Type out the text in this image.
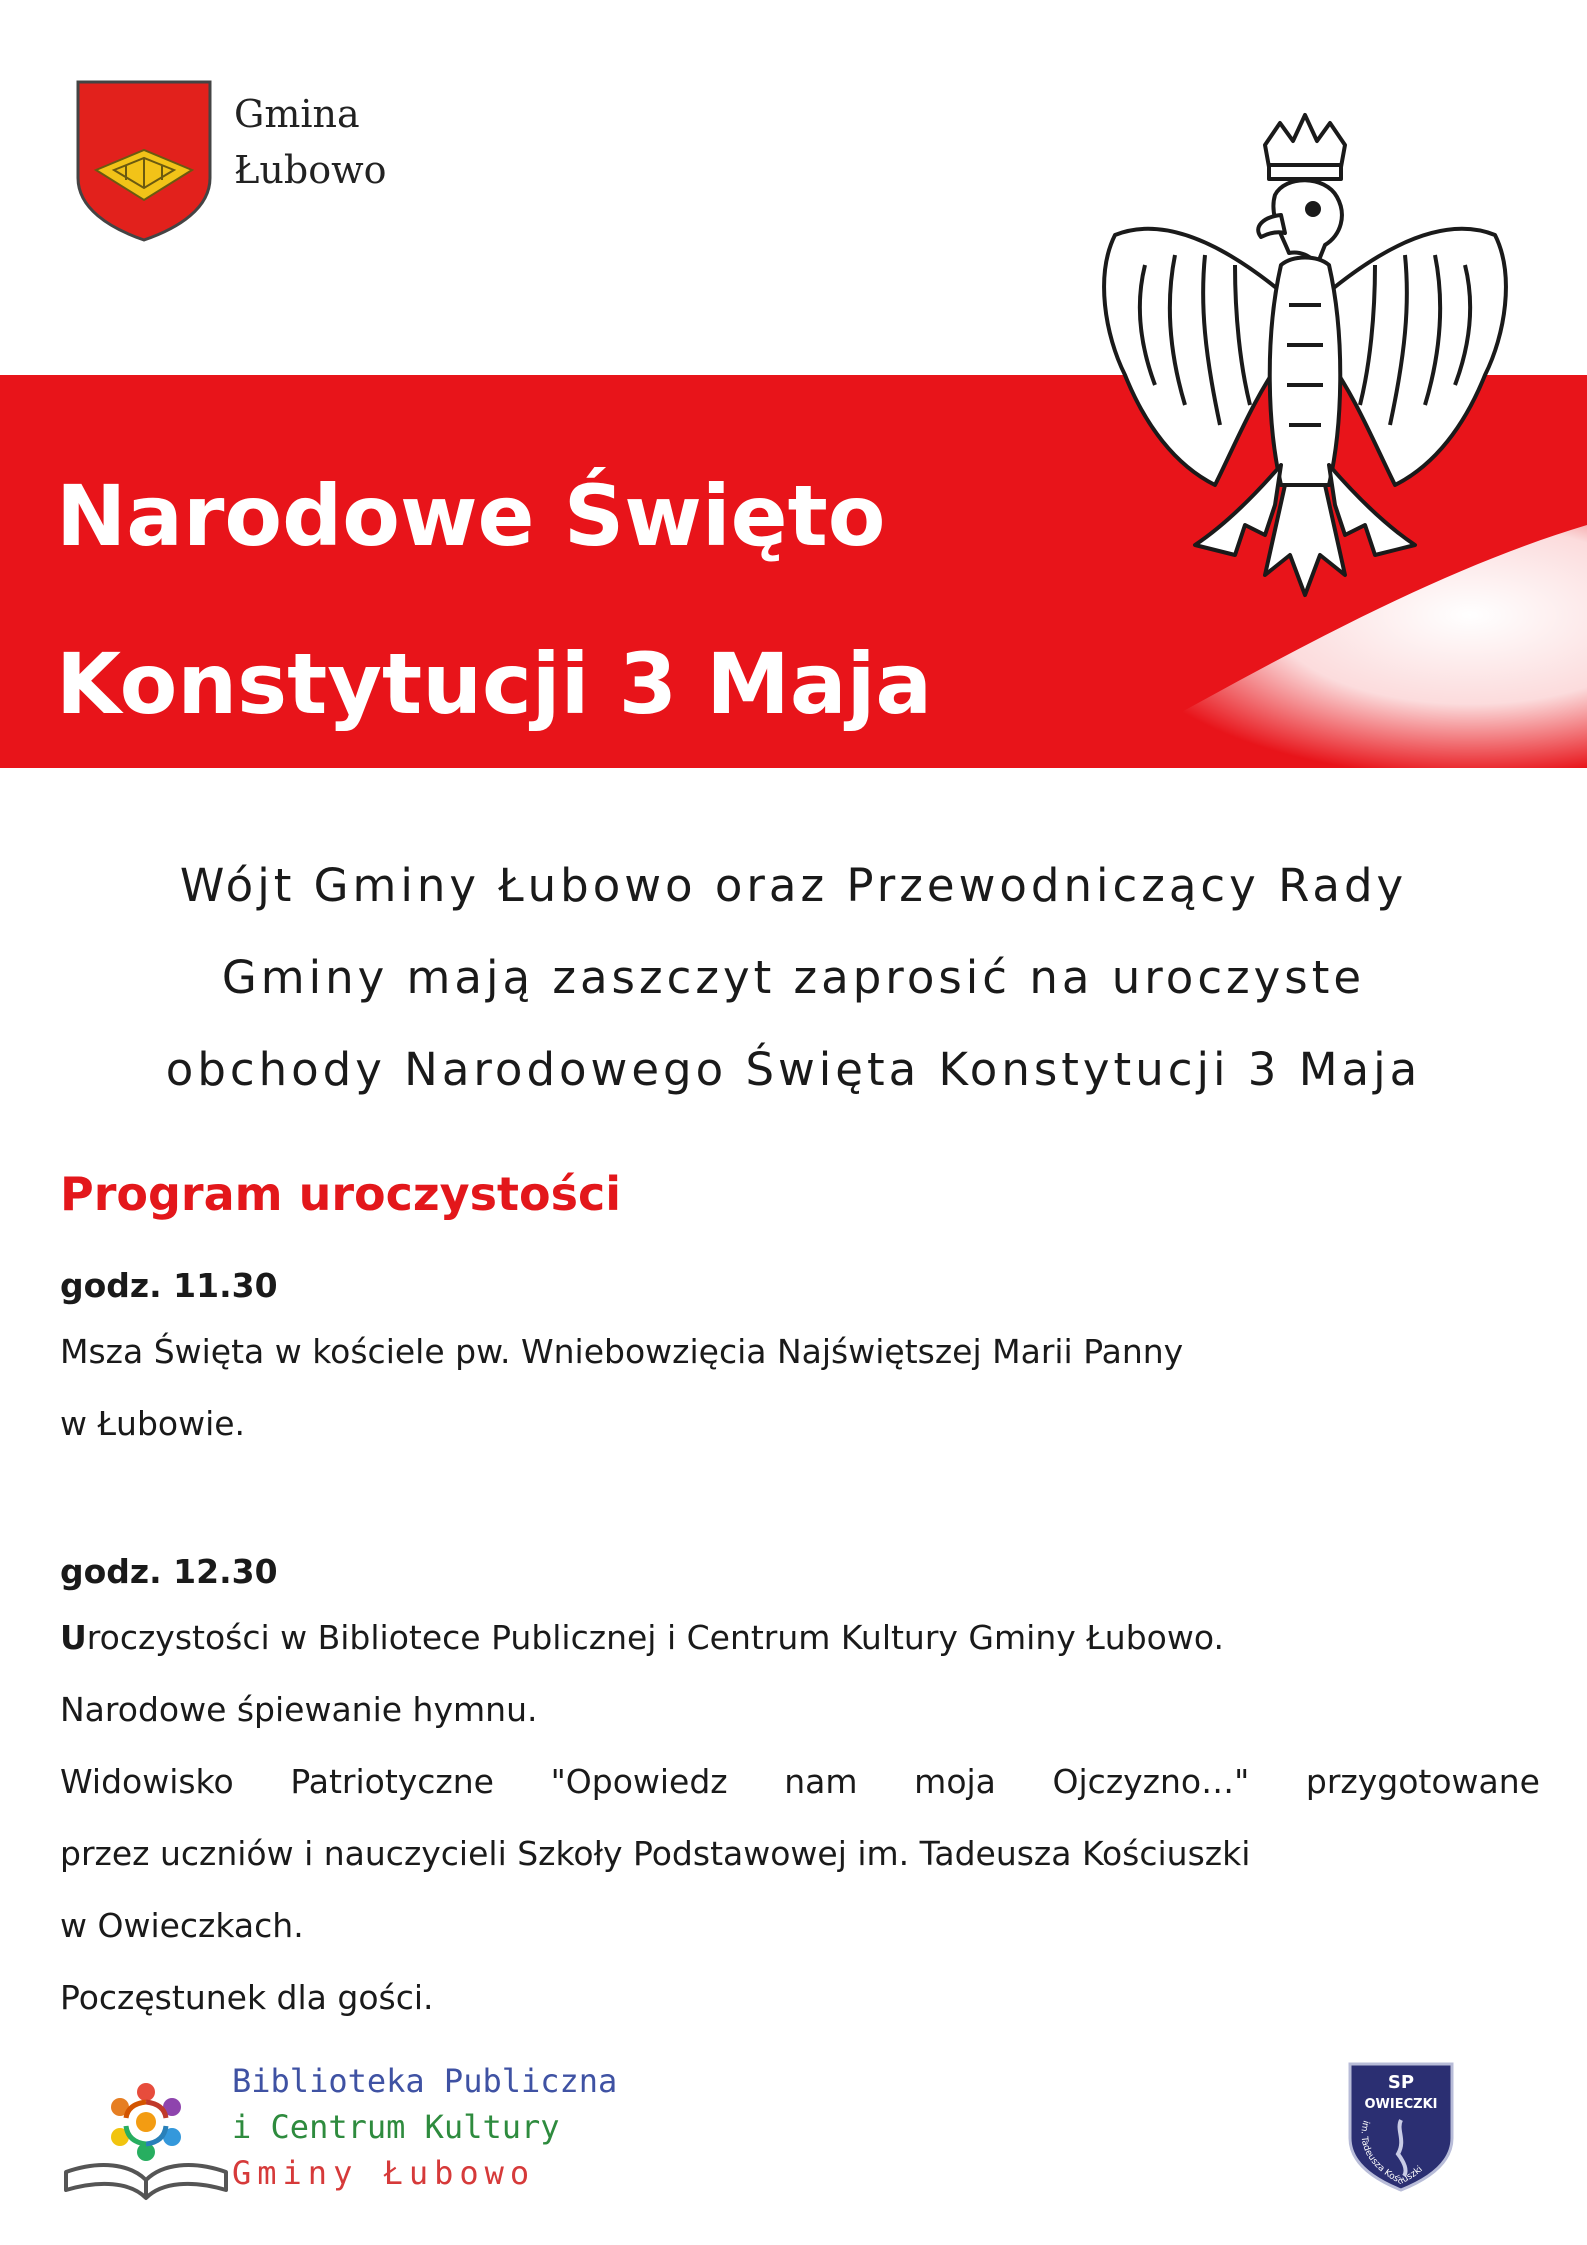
Gmina
Łubowo
Narodowe Święto
Konstytucji 3 Maja

Wójt Gminy Łubowo oraz Przewodniczący Rady
Gminy mają zaszczyt zaprosić na uroczyste
obchody Narodowego Święta Konstytucji 3 Maja

Program uroczystości
godz. 11.30
Msza Święta w kościele pw. Wniebowzięcia Najświętszej Marii Panny
w Łubowie.
godz. 12.30
Uroczystości w Bibliotece Publicznej i Centrum Kultury Gminy Łubowo.
Narodowe śpiewanie hymnu.
Widowisko Patriotyczne "Opowiedz nam moja Ojczyzno…" przygotowane
przez uczniów i nauczycieli Szkoły Podstawowej im. Tadeusza Kościuszki
w Owieczkach.
Poczęstunek dla gości.

Biblioteka Publiczna
i Centrum Kultury
Gminy Łubowo

SP
OWIECZKI
im. Tadeusza Kościuszki
